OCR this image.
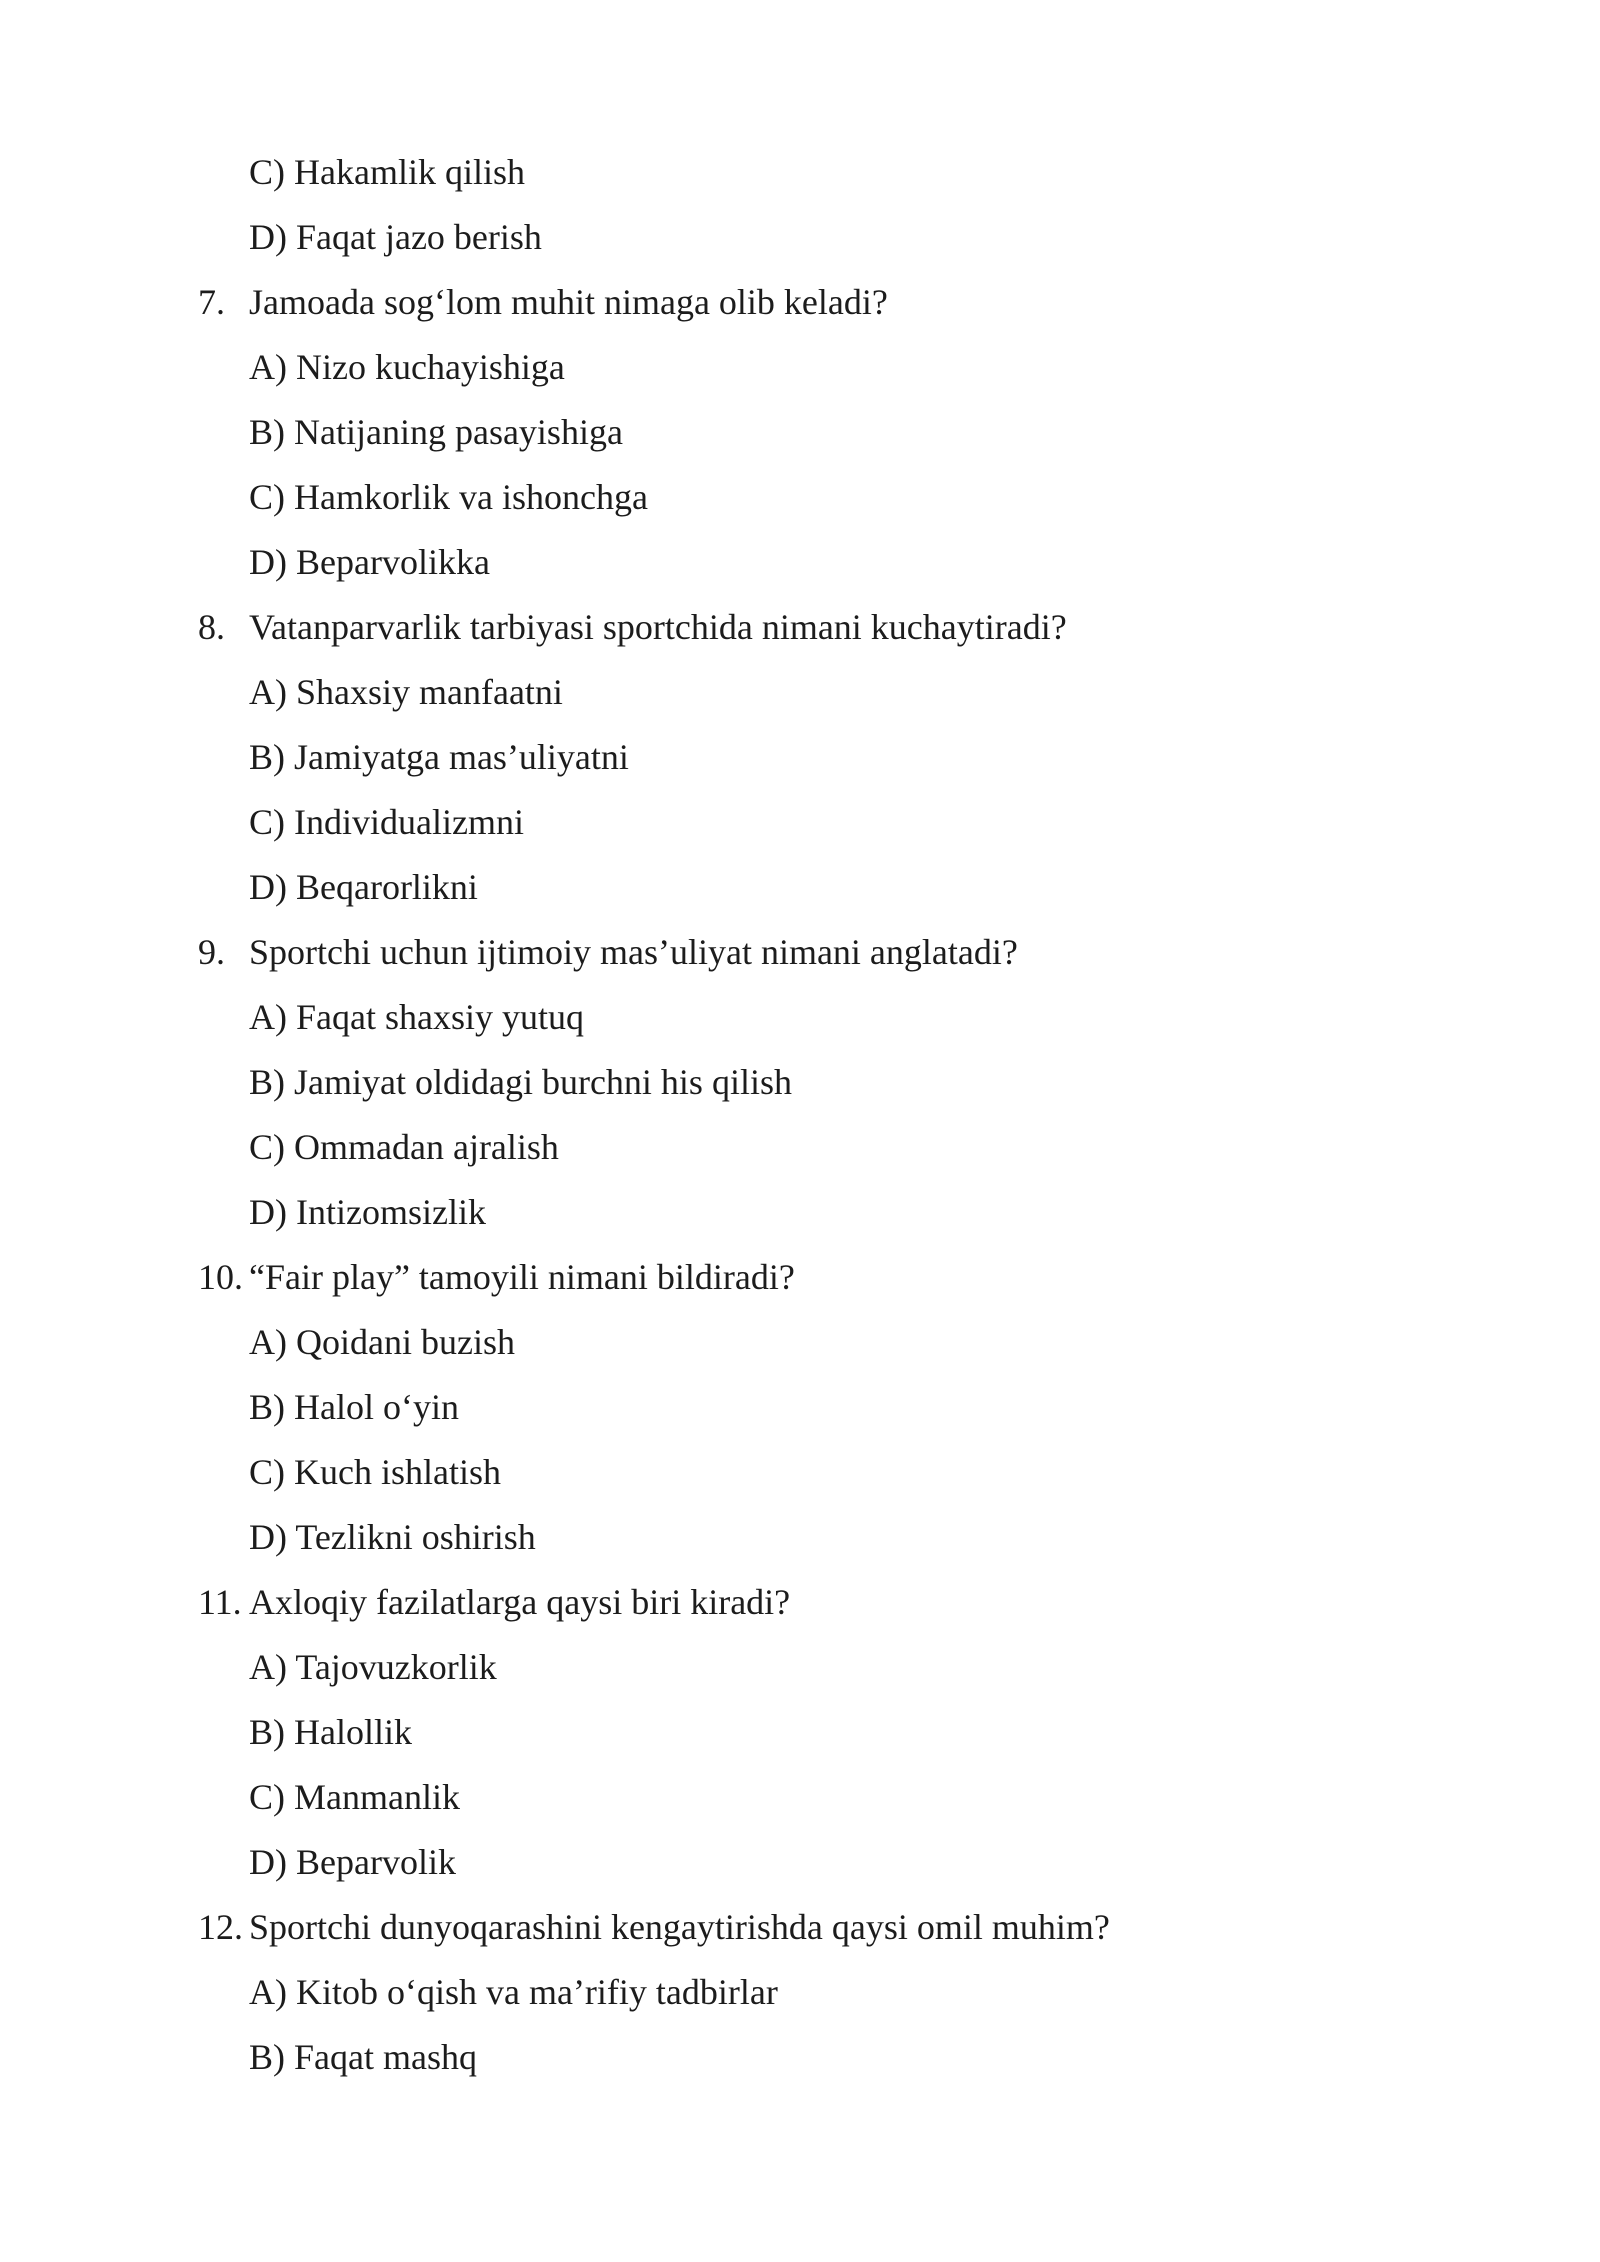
C) Hakamlik qilish
D) Faqat jazo berish
7. Jamoada sog‘lom muhit nimaga olib keladi?
A) Nizo kuchayishiga
B) Natijaning pasayishiga
C) Hamkorlik va ishonchga
D) Beparvolikka
8. Vatanparvarlik tarbiyasi sportchida nimani kuchaytiradi?
A) Shaxsiy manfaatni
B) Jamiyatga mas’uliyatni
C) Individualizmni
D) Beqarorlikni
9. Sportchi uchun ijtimoiy mas’uliyat nimani anglatadi?
A) Faqat shaxsiy yutuq
B) Jamiyat oldidagi burchni his qilish
C) Ommadan ajralish
D) Intizomsizlik
10. “Fair play” tamoyili nimani bildiradi?
A) Qoidani buzish
B) Halol o‘yin
C) Kuch ishlatish
D) Tezlikni oshirish
11. Axloqiy fazilatlarga qaysi biri kiradi?
A) Tajovuzkorlik
B) Halollik
C) Manmanlik
D) Beparvolik
12. Sportchi dunyoqarashini kengaytirishda qaysi omil muhim?
A) Kitob o‘qish va ma’rifiy tadbirlar
B) Faqat mashq
